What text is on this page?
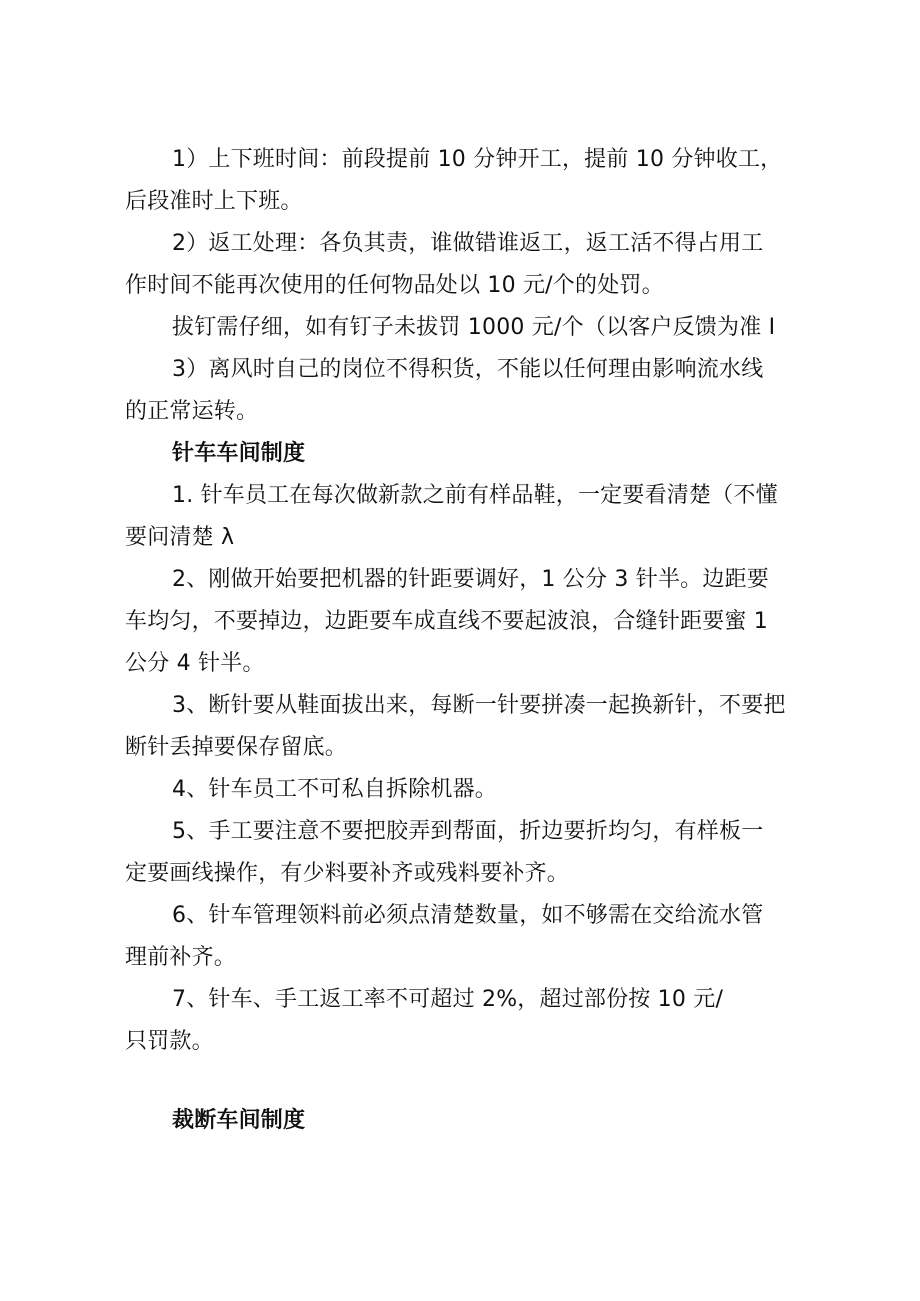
1）上下班时间：前段提前 10 分钟开工，提前 10 分钟收工，
后段准时上下班。
2）返工处理：各负其责，谁做错谁返工，返工活不得占用工
作时间不能再次使用的任何物品处以 10 元/个的处罚。
拔钉需仔细，如有钉子未拔罚 1000 元/个（以客户反馈为准 I
3）离风时自己的岗位不得积货，不能以任何理由影响流水线
的正常运转。
针车车间制度
1. 针车员工在每次做新款之前有样品鞋，一定要看清楚（不懂
要问清楚 λ
2、刚做开始要把机器的针距要调好，1 公分 3 针半。边距要
车均匀，不要掉边，边距要车成直线不要起波浪，合缝针距要蜜 1
公分 4 针半。
3、断针要从鞋面拔出来，每断一针要拼凑一起换新针，不要把
断针丢掉要保存留底。
4、针车员工不可私自拆除机器。
5、手工要注意不要把胶弄到帮面，折边要折均匀，有样板一
定要画线操作，有少料要补齐或残料要补齐。
6、针车管理领料前必须点清楚数量，如不够需在交给流水管
理前补齐。
7、针车、手工返工率不可超过 2%，超过部份按 10 元/
只罚款。
裁断车间制度
